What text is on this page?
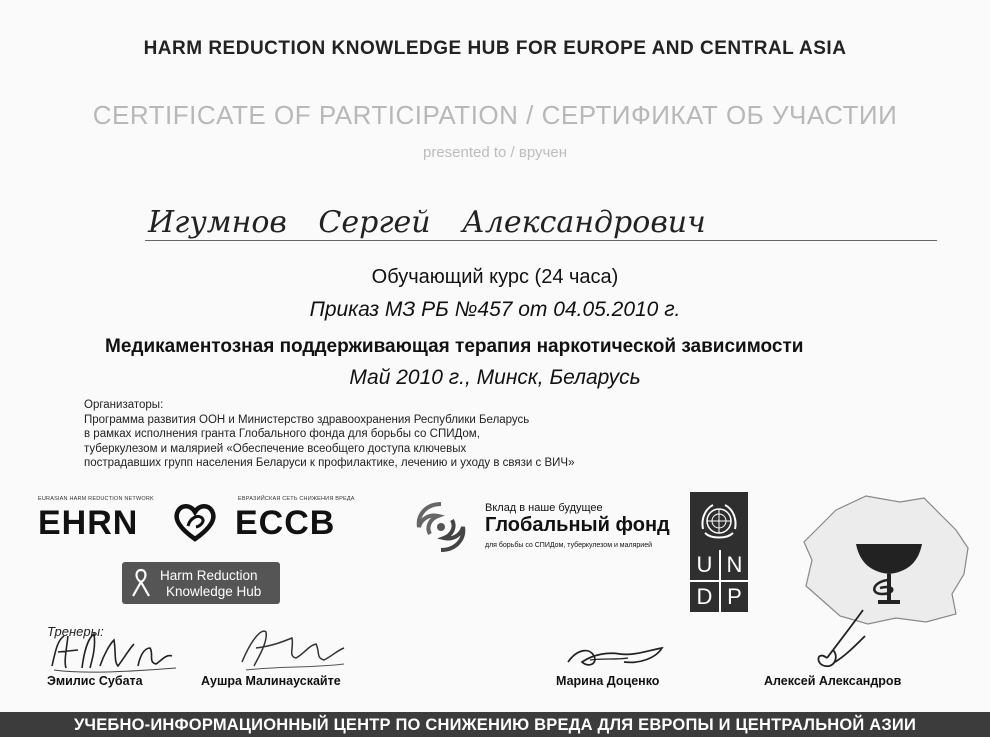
HARM REDUCTION KNOWLEDGE HUB FOR EUROPE AND CENTRAL ASIA
CERTIFICATE OF PARTICIPATION / СЕРТИФИКАТ ОБ УЧАСТИИ
presented to / вручен
Игумнов Сергей Александрович
Обучающий курс (24 часа)
Приказ МЗ РБ №457 от 04.05.2010 г.
Медикаментозная поддерживающая терапия наркотической зависимости
Май 2010 г., Минск, Беларусь
Организаторы:
Программа развития ООН и Министерство здравоохранения Республики Беларусь
в рамках исполнения гранта Глобального фонда для борьбы со СПИДом,
туберкулезом и малярией «Обеспечение всеобщего доступа ключевых
пострадавших групп населения Беларуси к профилактике, лечению и уходу в связи с ВИЧ»
EURASIAN HARM REDUCTION NETWORK	ЕВРАЗИЙСКАЯ СЕТЬ СНИЖЕНИЯ ВРЕДА
EHRN	ЕССВ
Harm Reduction
Knowledge Hub
Вклад в наше будущее
Глобальный фонд
для борьбы со СПИДом, туберкулезом и малярией
U N
D P
Тренеры:
Эмилис Субата	Аушра Малинаускайте	Марина Доценко	Алексей Александров
УЧЕБНО-ИНФОРМАЦИОННЫЙ ЦЕНТР ПО СНИЖЕНИЮ ВРЕДА ДЛЯ ЕВРОПЫ И ЦЕНТРАЛЬНОЙ АЗИИ
